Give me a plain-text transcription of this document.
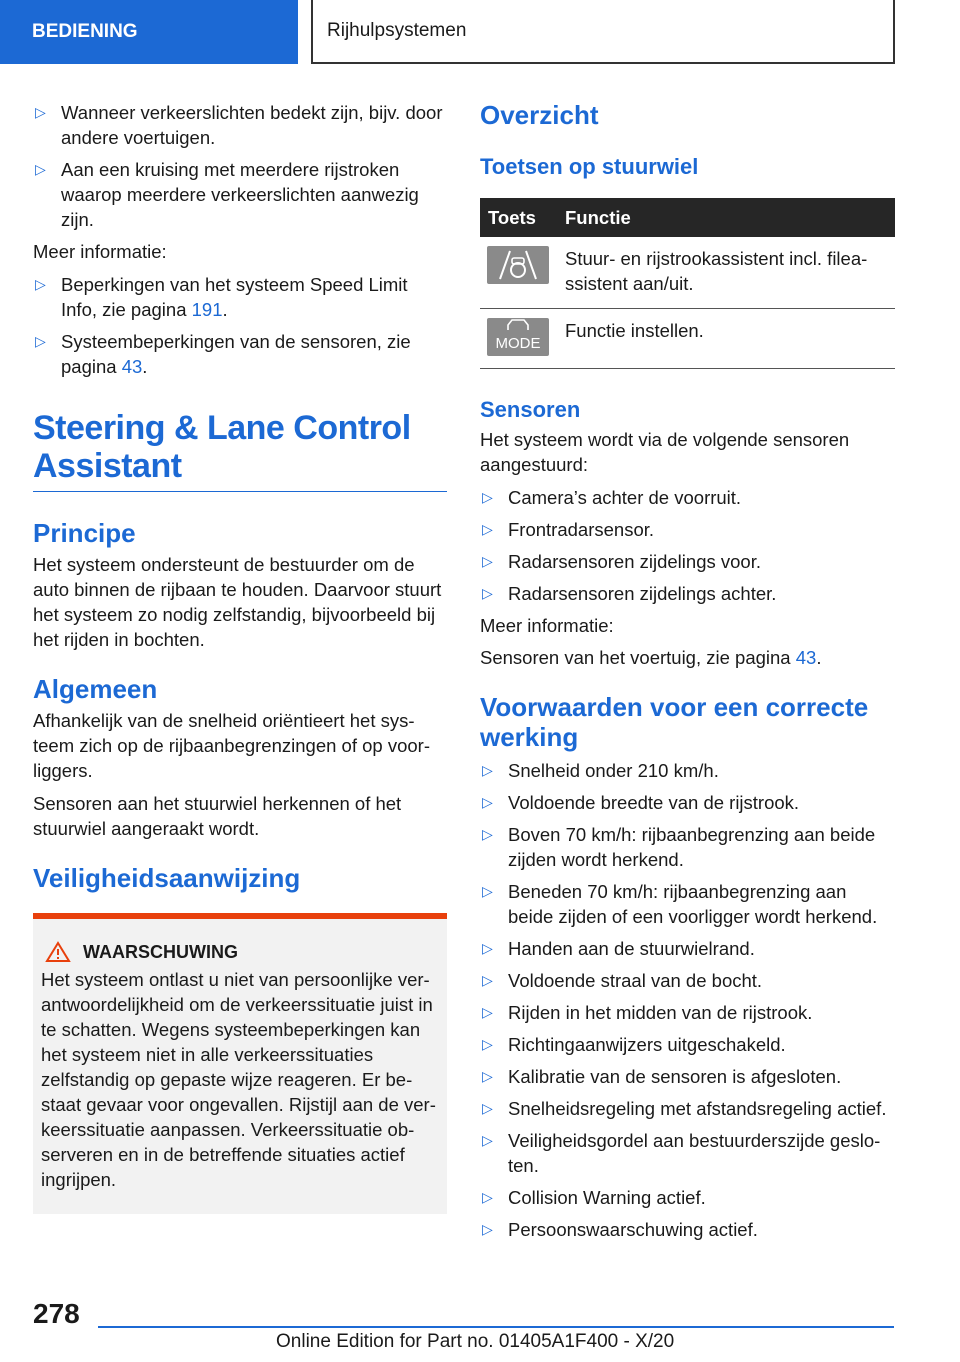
BEDIENING	Rijhulpsystemen
▷ Wanneer verkeerslichten bedekt zijn, bijv. door andere voertuigen.
▷ Aan een kruising met meerdere rijstroken waarop meerdere verkeerslichten aanwezig zijn.

Meer informatie:

▷ Beperkingen van het systeem Speed Limit Info, zie pagina 191.
▷ Systeembeperkingen van de sensoren, zie pagina 43.
Steering & Lane Control Assistant
Principe

Het systeem ondersteunt de bestuurder om de auto binnen de rijbaan te houden. Daarvoor stuurt het systeem zo nodig zelfstandig, bijvoorbeeld bij het rijden in bochten.

Algemeen

Afhankelijk van de snelheid oriëntieert het systeem zich op de rijbaanbegrenzingen of op voorliggers.

Sensoren aan het stuurwiel herkennen of het stuurwiel aangeraakt wordt.

Veiligheidsaanwijzing
WAARSCHUWING

Het systeem ontlast u niet van persoonlijke verantwoordelijkheid om de verkeerssituatie juist in te schatten. Wegens systeembeperkingen kan het systeem niet in alle verkeerssituaties zelfstandig op gepaste wijze reageren. Er bestaat gevaar voor ongevallen. Rijstijl aan de verkeerssituatie aanpassen. Verkeerssituatie observeren en in de betreffende situaties actief ingrijpen.

Overzicht
Toetsen op stuurwiel
Toets	Functie

	Stuur- en rijstrookassistent incl. fileassistent aan/uit.

MODE	Functie instellen.
Sensoren

Het systeem wordt via de volgende sensoren aangestuurd:

▷ Camera’s achter de voorruit.
▷ Frontradarsensor.
▷ Radarsensoren zijdelings voor.
▷ Radarsensoren zijdelings achter.

Meer informatie:

Sensoren van het voertuig, zie pagina 43.

Voorwaarden voor een correcte werking
▷ Snelheid onder 210 km/h.
▷ Voldoende breedte van de rijstrook.
▷ Boven 70 km/h: rijbaanbegrenzing aan beide zijden wordt herkend.
▷ Beneden 70 km/h: rijbaanbegrenzing aan beide zijden of een voorligger wordt herkend.
▷ Handen aan de stuurwielrand.
▷ Voldoende straal van de bocht.
▷ Rijden in het midden van de rijstrook.
▷ Richtingaanwijzers uitgeschakeld.
▷ Kalibratie van de sensoren is afgesloten.
▷ Snelheidsregeling met afstandsregeling actief.
▷ Veiligheidsgordel aan bestuurderszijde gesloten.
▷ Collision Warning actief.
▷ Persoonswaarschuwing actief.
278
Online Edition for Part no. 01405A1F400 - X/20
